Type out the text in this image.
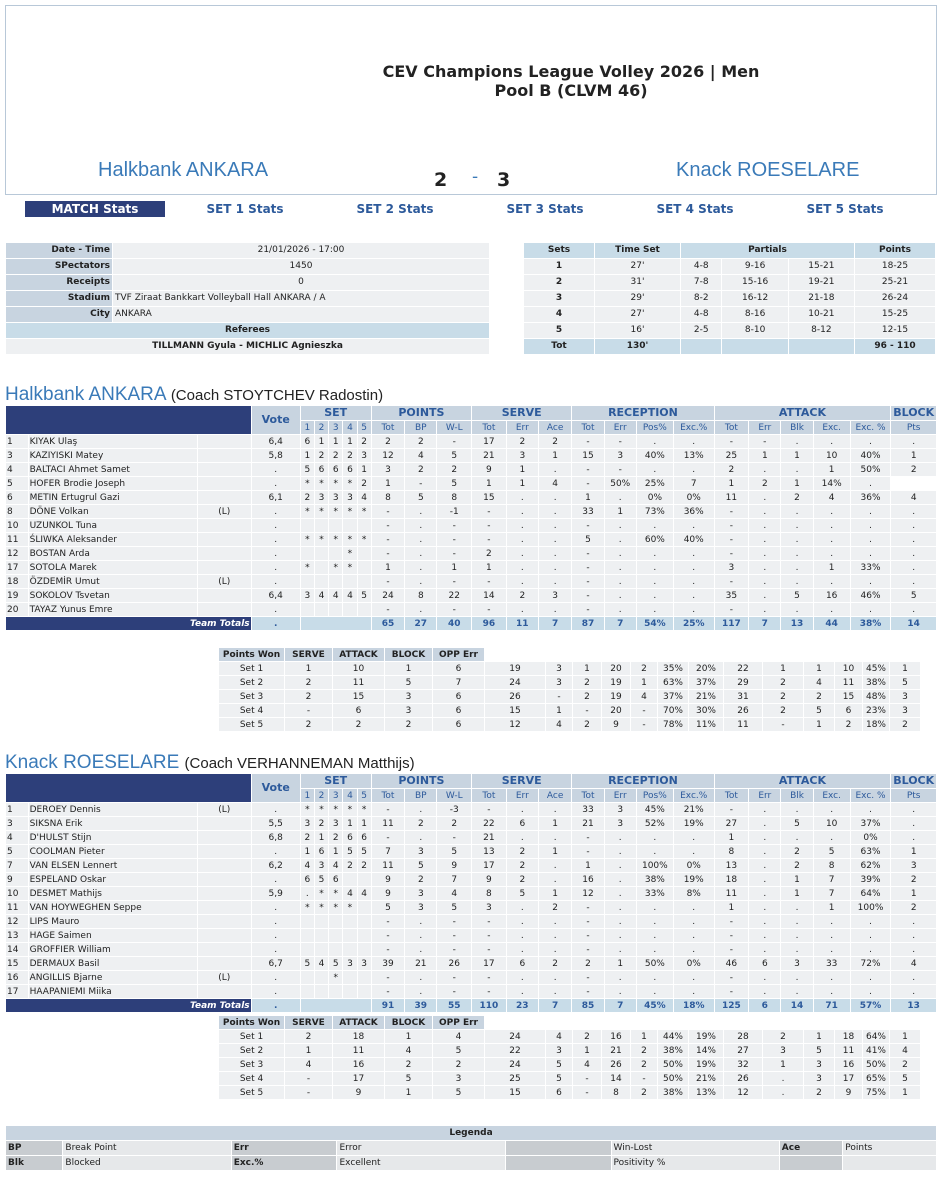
CEV Champions League Volley 2026 | Men
Pool B (CLVM 46)
Halkbank ANKARA	Knack ROESELARE
2 - 3
MATCH Stats	SET 1 Stats	SET 2 Stats	SET 3 Stats	SET 4 Stats	SET 5 Stats
Date - Time	21/01/2026 - 17:00
SPectators	1450
Receipts	0
Stadium	TVF Ziraat Bankkart Volleyball Hall ANKARA / A
City	ANKARA
Referees	
TILLMANN Gyula - MICHLIC Agnieszka	
Sets	Time Set	Partials			Points
1	27'	4-8	9-16	15-21	18-25
2	31'	7-8	15-16	19-21	25-21
3	29'	8-2	16-12	21-18	26-24
4	27'	4-8	8-16	10-21	15-25
5	16'	2-5	8-10	8-12	12-15
Tot	130'				96 - 110
Halkbank ANKARA (Coach STOYTCHEV Radostin)
			Vote	SET					POINTS			SERVE			RECEPTION				ATTACK					BLOCK
				1	2	3	4	5	Tot	BP	W-L	Tot	Err	Ace	Tot	Err	Pos%	Exc.%	Tot	Err	Blk	Exc.	Exc. %	Pts
1	KIYAK Ulaş		6,4	6	1	1	1	2	2	2	-	17	2	2	-	-	.	.	-	-	.	.	.	.
3	KAZIYISKI Matey		5,8	1	2	2	2	3	12	4	5	21	3	1	15	3	40%	13%	25	1	1	10	40%	1
4	BALTACI Ahmet Samet		.	5	6	6	6	1	3	2	2	9	1	.	-	-	.	.	2	.	.	1	50%	2
5	HOFER Brodie Joseph		.	*	*	*	*	2	1	-	5	1	1	4	-	50%	25%	7	1	2	1	14%	.	
6	METIN Ertugrul Gazi		6,1	2	3	3	3	4	8	5	8	15	.	.	1	.	0%	0%	11	.	2	4	36%	4
8	DÖNE Volkan	(L)	.	*	*	*	*	*	-	.	-1	-	.	.	33	1	73%	36%	-	.	.	.	.	.
10	UZUNKOL Tuna		.						-	.	-	-	.	.	-	.	.	.	-	.	.	.	.	.
11	ŚLIWKA Aleksander		.	*	*	*	*	*	-	.	-	-	.	.	5	.	60%	40%	-	.	.	.	.	.
12	BOSTAN Arda		.				*		-	.	-	2	.	.	-	.	.	.	-	.	.	.	.	.
17	SOTOLA Marek		.	*		*	*		1	.	1	1	.	.	-	.	.	.	3	.	.	1	33%	.
18	ÖZDEMİR Umut	(L)	.						-	.	-	-	.	.	-	.	.	.	-	.	.	.	.	.
19	SOKOLOV Tsvetan		6,4	3	4	4	4	5	24	8	22	14	2	3	-	.	.	.	35	.	5	16	46%	5
20	TAYAZ Yunus Emre		.						-	.	-	-	.	.	-	.	.	.	-	.	.	.	.	.
Team Totals			.						65	27	40	96	11	7	87	7	54%	25%	117	7	13	44	38%	14
Points Won	SERVE	ATTACK	BLOCK	OPP Err													
Set 1	1	10	1	6	19	3	1	20	2	35%	20%	22	1	1	10	45%	1
Set 2	2	11	5	7	24	3	2	19	1	63%	37%	29	2	4	11	38%	5
Set 3	2	15	3	6	26	-	2	19	4	37%	21%	31	2	2	15	48%	3
Set 4	-	6	3	6	15	1	-	20	-	70%	30%	26	2	5	6	23%	3
Set 5	2	2	2	6	12	4	2	9	-	78%	11%	11	-	1	2	18%	2
Knack ROESELARE (Coach VERHANNEMAN Matthijs)
			Vote	SET					POINTS			SERVE			RECEPTION				ATTACK					BLOCK
				1	2	3	4	5	Tot	BP	W-L	Tot	Err	Ace	Tot	Err	Pos%	Exc.%	Tot	Err	Blk	Exc.	Exc. %	Pts
1	DEROEY Dennis	(L)	.	*	*	*	*	*	-	.	-3	-	.	.	33	3	45%	21%	-	.	.	.	.	.
3	SIKSNA Erik		5,5	3	2	3	1	1	11	2	2	22	6	1	21	3	52%	19%	27	.	5	10	37%	.
4	D'HULST Stijn		6,8	2	1	2	6	6	-	.	-	21	.	.	-	.	.	.	1	.	.	.	0%	.
5	COOLMAN Pieter		.	1	6	1	5	5	7	3	5	13	2	1	-	.	.	.	8	.	2	5	63%	1
7	VAN ELSEN Lennert		6,2	4	3	4	2	2	11	5	9	17	2	.	1	.	100%	0%	13	.	2	8	62%	3
9	ESPELAND Oskar		.	6	5	6			9	2	7	9	2	.	16	.	38%	19%	18	.	1	7	39%	2
10	DESMET Mathijs		5,9	.	*	*	4	4	9	3	4	8	5	1	12	.	33%	8%	11	.	1	7	64%	1
11	VAN HOYWEGHEN Seppe		.	*	*	*	*		5	3	5	3	.	2	-	.	.	.	1	.	.	1	100%	2
12	LIPS Mauro		.						-	.	-	-	.	.	-	.	.	.	-	.	.	.	.	.
13	HAGE Saimen		.						-	.	-	-	.	.	-	.	.	.	-	.	.	.	.	.
14	GROFFIER William		.						-	.	-	-	.	.	-	.	.	.	-	.	.	.	.	.
15	DERMAUX Basil		6,7	5	4	5	3	3	39	21	26	17	6	2	2	1	50%	0%	46	6	3	33	72%	4
16	ANGILLIS Bjarne	(L)	.			*			-	.	-	-	.	.	-	.	.	.	-	.	.	.	.	.
17	HAAPANIEMI Miika		.						-	.	-	-	.	.	-	.	.	.	-	.	.	.	.	.
Team Totals			.						91	39	55	110	23	7	85	7	45%	18%	125	6	14	71	57%	13
Points Won	SERVE	ATTACK	BLOCK	OPP Err													
Set 1	2	18	1	4	24	4	2	16	1	44%	19%	28	2	1	18	64%	1
Set 2	1	11	4	5	22	3	1	21	2	38%	14%	27	3	5	11	41%	4
Set 3	4	16	2	2	24	5	4	26	2	50%	19%	32	1	3	16	50%	2
Set 4	-	17	5	3	25	5	-	14	-	50%	21%	26	.	3	17	65%	5
Set 5	-	9	1	5	15	6	-	8	2	38%	13%	12	.	2	9	75%	1
Legenda							
BP	Break Point	Err	Error		Win-Lost	Ace	Points
Blk	Blocked	Exc.%	Excellent		Positivity %		
